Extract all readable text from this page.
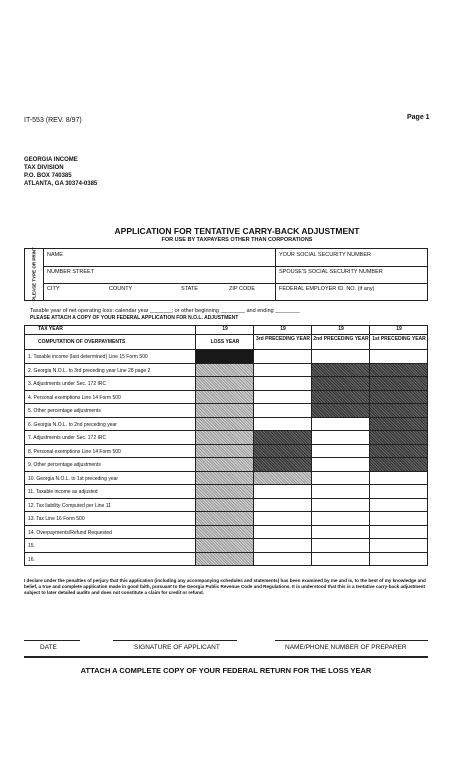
IT-553 (REV. 8/97)	Page 1
GEORGIA INCOME
TAX DIVISION
P.O. BOX 740385
ATLANTA, GA 30374-0385
APPLICATION FOR TENTATIVE CARRY-BACK ADJUSTMENT
FOR USE BY TAXPAYERS OTHER THAN CORPORATIONS
PLEASE TYPE OR PRINT NAME	YOUR SOCIAL SECURITY NUMBER
NUMBER STREET	SPOUSE'S SOCIAL SECURITY NUMBER
CITY	COUNTY	STATE	ZIP CODE	FEDERAL EMPLOYER ID. NO. (if any)
Taxable year of net operating loss: calendar year _______; or other beginning ________ and ending ________
PLEASE ATTACH A COPY OF YOUR FEDERAL APPLICATION FOR N.O.L. ADJUSTMENT
TAX YEAR	19	19	19	19
COMPUTATION OF OVERPAYMENTS	LOSS YEAR	3rd PRECEDING YEAR 2nd PRECEDING YEAR 1st PRECEDING YEAR
1. Taxable income (last determined) Line 15 Form 500
2. Georgia N.O.L. to 3rd preceding year Line 28 page 2
3. Adjustments under Sec. 172 IRC
4. Personal exemptions Line 14 Form 500
5. Other percentage adjustments
6. Georgia N.O.L. to 2nd preceding year
7. Adjustments under Sec. 172 IRC
8. Personal exemptions Line 14 Form 500
9. Other percentage adjustments
10. Georgia N.O.L. to 1st preceding year
11. Taxable income as adjusted
12. Tax liability Computed per Line 11
13. Tax Line 16 Form 500
14. Overpayments/Refund Requested
15.
16.
I declare under the penalties of perjury that this application (including any accompanying schedules and statements) has been examined by me and is, to the best of my knowledge and belief, a true and complete application made in good faith, pursuant to the Georgia Public Revenue Code and Regulations. It is understood that this is a tentative carry-back adjustment subject to later detailed audits and does not constitute a claim for credit or refund.
DATE	SIGNATURE OF APPLICANT	NAME/PHONE NUMBER OF PREPARER
ATTACH A COMPLETE COPY OF YOUR FEDERAL RETURN FOR THE LOSS YEAR
